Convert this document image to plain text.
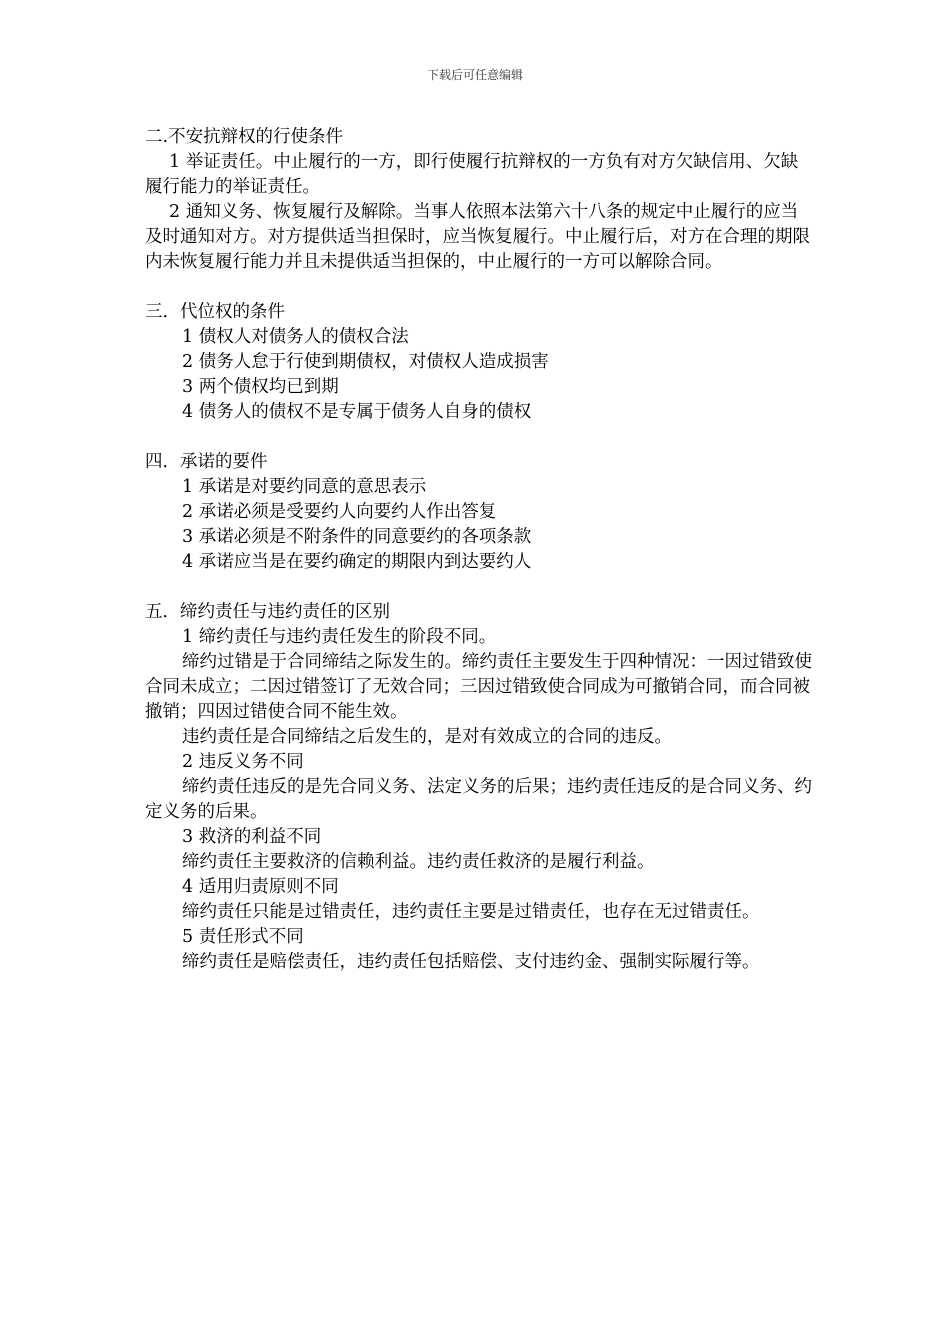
下载后可任意编辑

二.不安抗辩权的行使条件

1 举证责任。中止履行的一方，即行使履行抗辩权的一方负有对方欠缺信用、欠缺履行能力的举证责任。

2 通知义务、恢复履行及解除。当事人依照本法第六十八条的规定中止履行的应当及时通知对方。对方提供适当担保时，应当恢复履行。中止履行后，对方在合理的期限内未恢复履行能力并且未提供适当担保的，中止履行的一方可以解除合同。

三．代位权的条件

1 债权人对债务人的债权合法

2 债务人怠于行使到期债权，对债权人造成损害

3 两个债权均已到期

4 债务人的债权不是专属于债务人自身的债权

四．承诺的要件

1 承诺是对要约同意的意思表示

2 承诺必须是受要约人向要约人作出答复

3 承诺必须是不附条件的同意要约的各项条款

4 承诺应当是在要约确定的期限内到达要约人

五．缔约责任与违约责任的区别

1 缔约责任与违约责任发生的阶段不同。

缔约过错是于合同缔结之际发生的。缔约责任主要发生于四种情况：一因过错致使合同未成立；二因过错签订了无效合同；三因过错致使合同成为可撤销合同，而合同被撤销；四因过错使合同不能生效。

违约责任是合同缔结之后发生的，是对有效成立的合同的违反。

2 违反义务不同

缔约责任违反的是先合同义务、法定义务的后果；违约责任违反的是合同义务、约定义务的后果。

3 救济的利益不同

缔约责任主要救济的信赖利益。违约责任救济的是履行利益。

4 适用归责原则不同

缔约责任只能是过错责任，违约责任主要是过错责任，也存在无过错责任。

5 责任形式不同

缔约责任是赔偿责任，违约责任包括赔偿、支付违约金、强制实际履行等。
